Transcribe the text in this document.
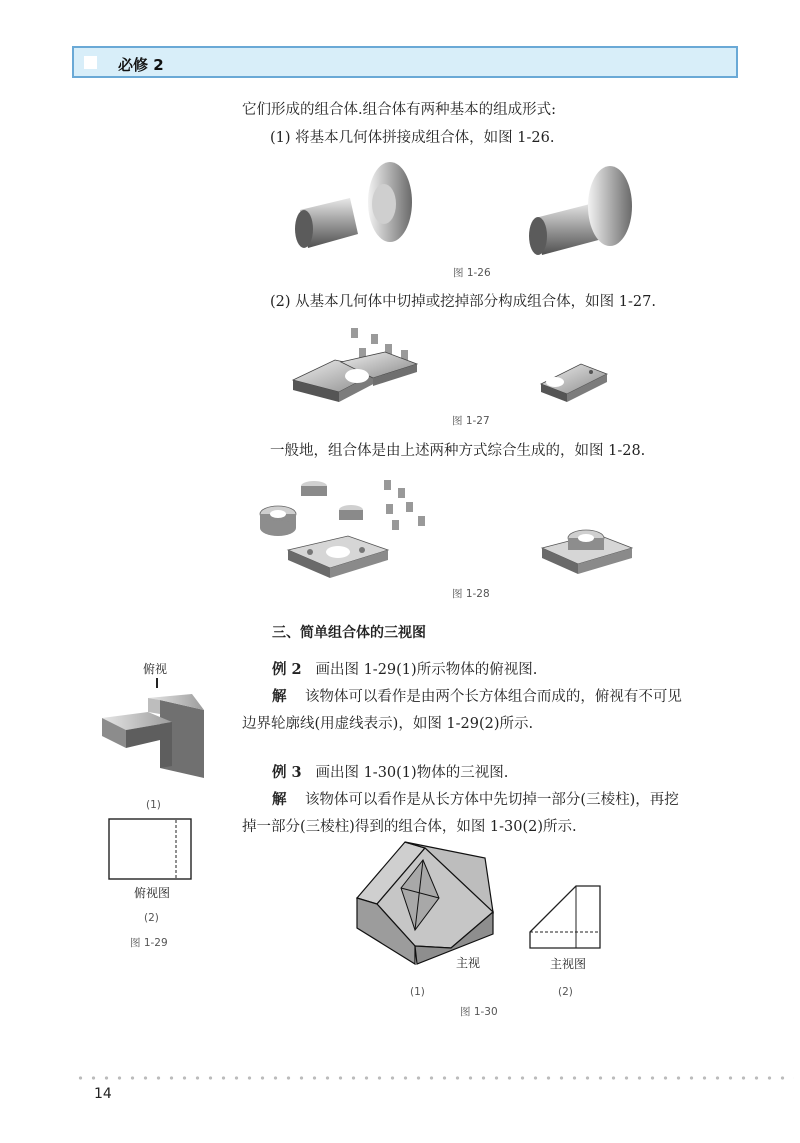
必修 2
它们形成的组合体.组合体有两种基本的组成形式:
(1) 将基本几何体拼接成组合体，如图 1-26.
图 1-26
(2) 从基本几何体中切掉或挖掉部分构成组合体，如图 1-27.
图 1-27
一般地，组合体是由上述两种方式综合生成的，如图 1-28.
图 1-28
三、简单组合体的三视图
例 2 画出图 1-29(1)所示物体的俯视图.
解 该物体可以看作是由两个长方体组合而成的，俯视有不可见
边界轮廓线(用虚线表示)，如图 1-29(2)所示.
例 3 画出图 1-30(1)物体的三视图.
解 该物体可以看作是从长方体中先切掉一部分(三棱柱)，再挖
掉一部分(三棱柱)得到的组合体，如图 1-30(2)所示.
俯视
(1)
俯视图
(2)
图 1-29
主视	主视图
(1)	(2)
图 1-30
14
